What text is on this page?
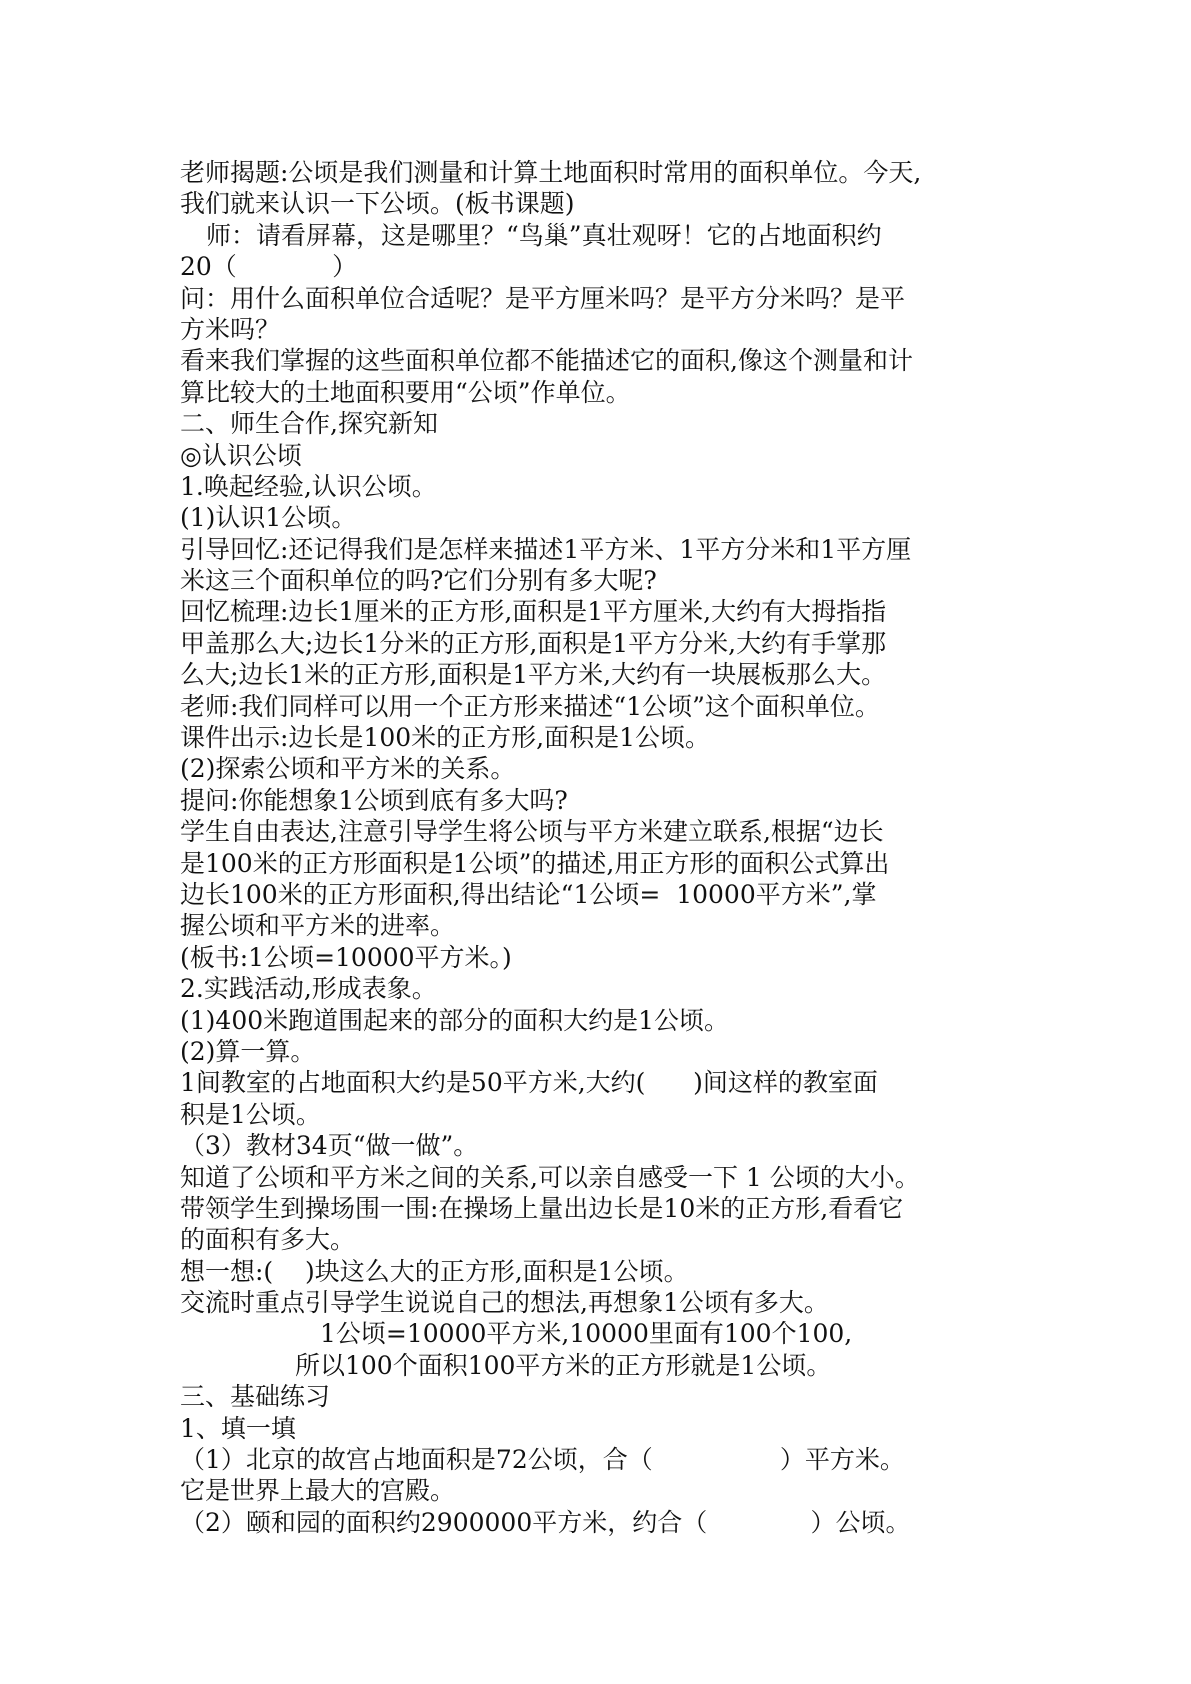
老师揭题:公顷是我们测量和计算土地面积时常用的面积单位。今天,
我们就来认识一下公顷。(板书课题)
师：请看屏幕，这是哪里？“鸟巢”真壮观呀！它的占地面积约
20（            ）
问：用什么面积单位合适呢？是平方厘米吗？是平方分米吗？是平
方米吗？
看来我们掌握的这些面积单位都不能描述它的面积,像这个测量和计
算比较大的土地面积要用“公顷”作单位。
二、师生合作,探究新知
◎认识公顷
1.唤起经验,认识公顷。
(1)认识1公顷。
引导回忆:还记得我们是怎样来描述1平方米、1平方分米和1平方厘
米这三个面积单位的吗?它们分别有多大呢?
回忆梳理:边长1厘米的正方形,面积是1平方厘米,大约有大拇指指
甲盖那么大;边长1分米的正方形,面积是1平方分米,大约有手掌那
么大;边长1米的正方形,面积是1平方米,大约有一块展板那么大。
老师:我们同样可以用一个正方形来描述“1公顷”这个面积单位。
课件出示:边长是100米的正方形,面积是1公顷。
(2)探索公顷和平方米的关系。
提问:你能想象1公顷到底有多大吗?
学生自由表达,注意引导学生将公顷与平方米建立联系,根据“边长
是100米的正方形面积是1公顷”的描述,用正方形的面积公式算出
边长100米的正方形面积,得出结论“1公顷=  10000平方米”,掌
握公顷和平方米的进率。
(板书:1公顷=10000平方米。)
2.实践活动,形成表象。
(1)400米跑道围起来的部分的面积大约是1公顷。
(2)算一算。
1间教室的占地面积大约是50平方米,大约(      )间这样的教室面
积是1公顷。
（3）教材34页“做一做”。
知道了公顷和平方米之间的关系,可以亲自感受一下 1 公顷的大小。
带领学生到操场围一围:在操场上量出边长是10米的正方形,看看它
的面积有多大。
想一想:(    )块这么大的正方形,面积是1公顷。
交流时重点引导学生说说自己的想法,再想象1公顷有多大。
1公顷=10000平方米,10000里面有100个100,
所以100个面积100平方米的正方形就是1公顷。
三、基础练习
1、填一填
（1）北京的故宫占地面积是72公顷，合（                ）平方米。
它是世界上最大的宫殿。
（2）颐和园的面积约2900000平方米，约合（             ）公顷。
